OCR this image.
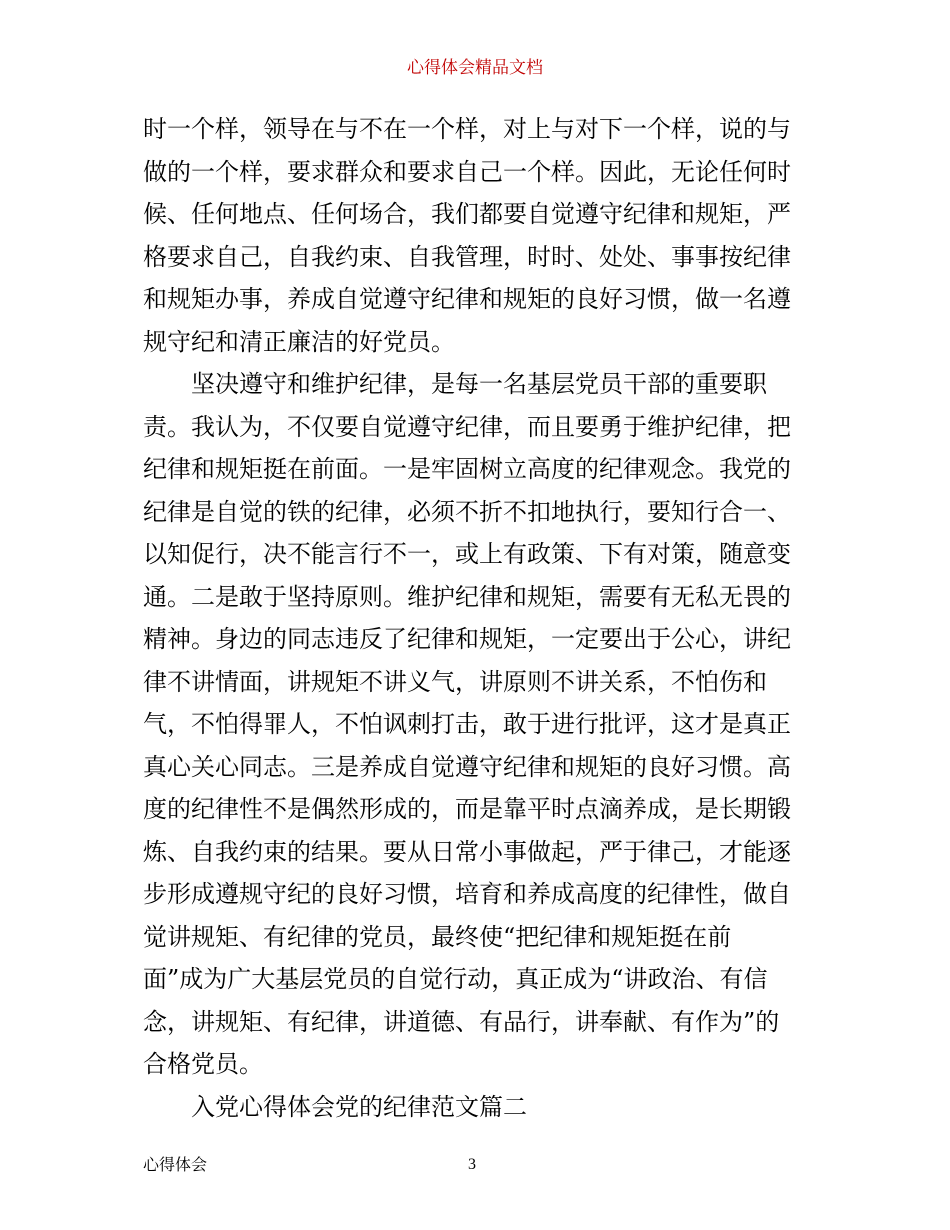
心得体会精品文档
时一个样，领导在与不在一个样，对上与对下一个样，说的与
做的一个样，要求群众和要求自己一个样。因此，无论任何时
候、任何地点、任何场合，我们都要自觉遵守纪律和规矩，严
格要求自己，自我约束、自我管理，时时、处处、事事按纪律
和规矩办事，养成自觉遵守纪律和规矩的良好习惯，做一名遵
规守纪和清正廉洁的好党员。
坚决遵守和维护纪律，是每一名基层党员干部的重要职
责。我认为，不仅要自觉遵守纪律，而且要勇于维护纪律，把
纪律和规矩挺在前面。一是牢固树立高度的纪律观念。我党的
纪律是自觉的铁的纪律，必须不折不扣地执行，要知行合一、
以知促行，决不能言行不一，或上有政策、下有对策，随意变
通。二是敢于坚持原则。维护纪律和规矩，需要有无私无畏的
精神。身边的同志违反了纪律和规矩，一定要出于公心，讲纪
律不讲情面，讲规矩不讲义气，讲原则不讲关系，不怕伤和
气，不怕得罪人，不怕讽刺打击，敢于进行批评，这才是真正
真心关心同志。三是养成自觉遵守纪律和规矩的良好习惯。高
度的纪律性不是偶然形成的，而是靠平时点滴养成，是长期锻
炼、自我约束的结果。要从日常小事做起，严于律己，才能逐
步形成遵规守纪的良好习惯，培育和养成高度的纪律性，做自
觉讲规矩、有纪律的党员，最终使“把纪律和规矩挺在前
面”成为广大基层党员的自觉行动，真正成为“讲政治、有信
念，讲规矩、有纪律，讲道德、有品行，讲奉献、有作为”的
合格党员。
入党心得体会党的纪律范文篇二
心得体会	3
